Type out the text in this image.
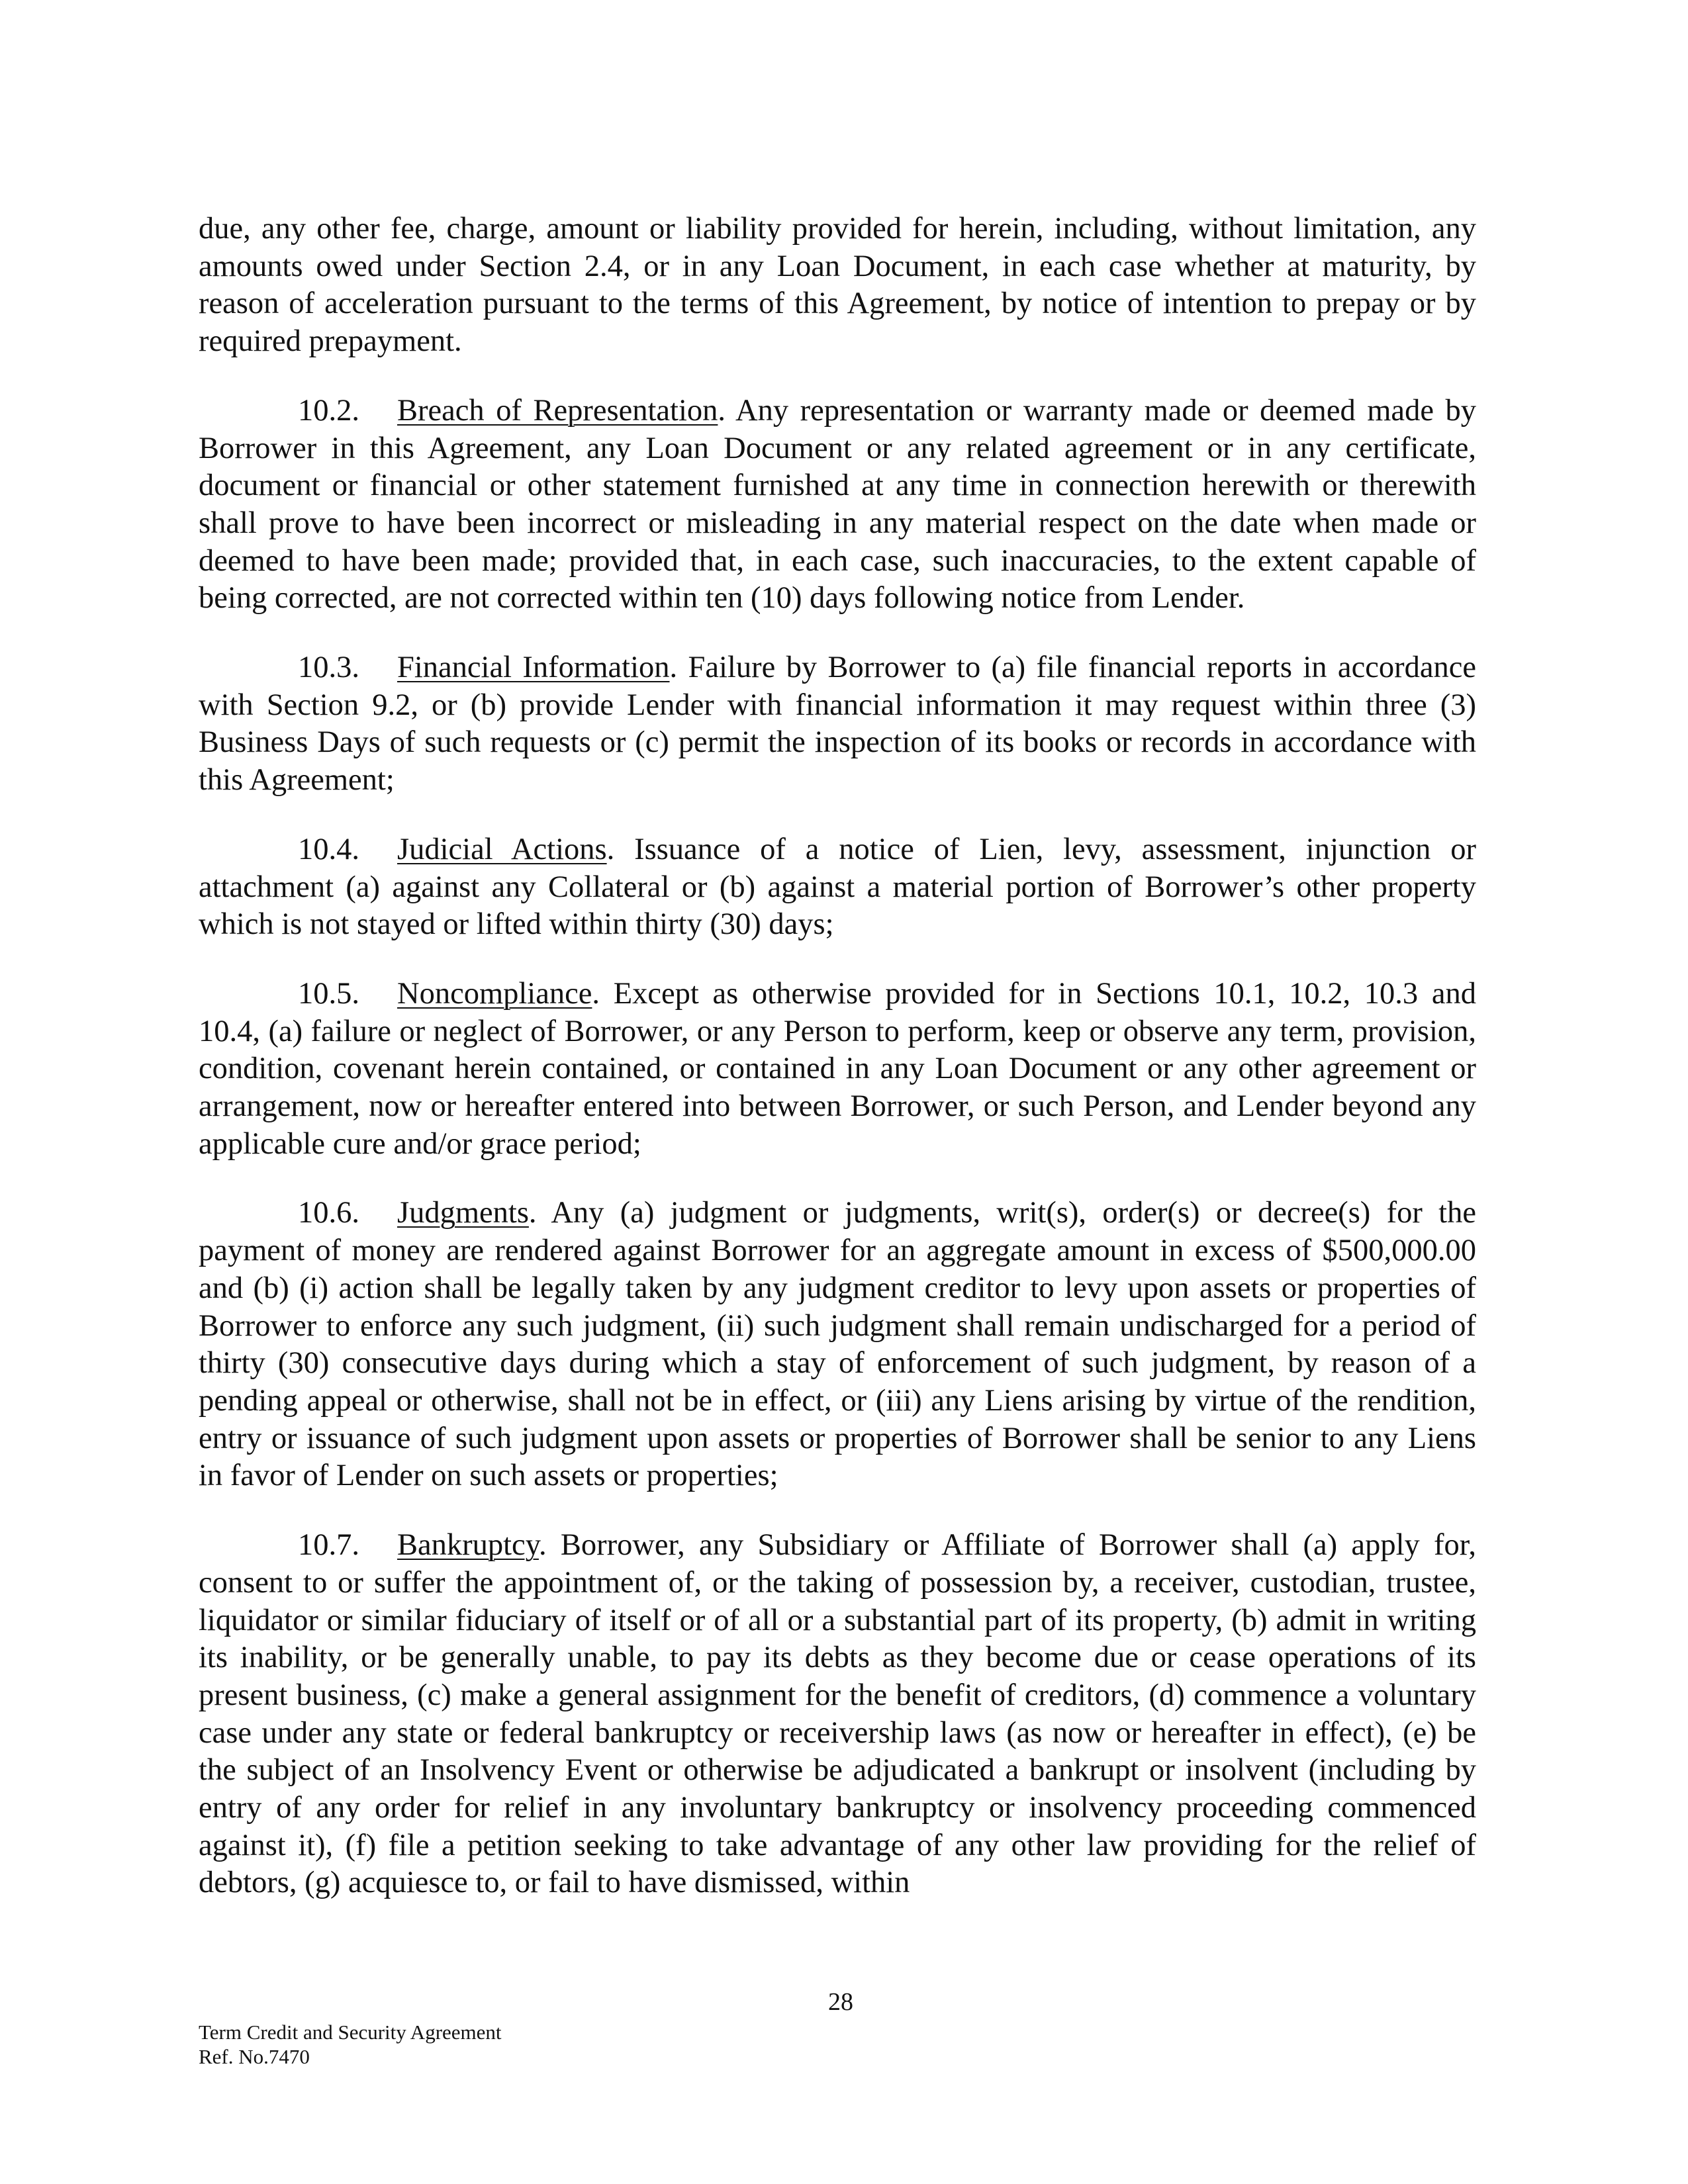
due, any other fee, charge, amount or liability provided for herein, including, without limitation, any amounts owed under Section 2.4, or in any Loan Document, in each case whether at maturity, by reason of acceleration pursuant to the terms of this Agreement, by notice of intention to prepay or by required prepayment.

10.2. Breach of Representation. Any representation or warranty made or deemed made by Borrower in this Agreement, any Loan Document or any related agreement or in any certificate, document or financial or other statement furnished at any time in connection herewith or therewith shall prove to have been incorrect or misleading in any material respect on the date when made or deemed to have been made; provided that, in each case, such inaccuracies, to the extent capable of being corrected, are not corrected within ten (10) days following notice from Lender.

10.3. Financial Information. Failure by Borrower to (a) file financial reports in accordance with Section 9.2, or (b) provide Lender with financial information it may request within three (3) Business Days of such requests or (c) permit the inspection of its books or records in accordance with this Agreement;

10.4. Judicial Actions. Issuance of a notice of Lien, levy, assessment, injunction or attachment (a) against any Collateral or (b) against a material portion of Borrower’s other property which is not stayed or lifted within thirty (30) days;

10.5. Noncompliance. Except as otherwise provided for in Sections 10.1, 10.2, 10.3 and 10.4, (a) failure or neglect of Borrower, or any Person to perform, keep or observe any term, provision, condition, covenant herein contained, or contained in any Loan Document or any other agreement or arrangement, now or hereafter entered into between Borrower, or such Person, and Lender beyond any applicable cure and/or grace period;

10.6. Judgments. Any (a) judgment or judgments, writ(s), order(s) or decree(s) for the payment of money are rendered against Borrower for an aggregate amount in excess of $500,000.00 and (b) (i) action shall be legally taken by any judgment creditor to levy upon assets or properties of Borrower to enforce any such judgment, (ii) such judgment shall remain undischarged for a period of thirty (30) consecutive days during which a stay of enforcement of such judgment, by reason of a pending appeal or otherwise, shall not be in effect, or (iii) any Liens arising by virtue of the rendition, entry or issuance of such judgment upon assets or properties of Borrower shall be senior to any Liens in favor of Lender on such assets or properties;

10.7. Bankruptcy. Borrower, any Subsidiary or Affiliate of Borrower shall (a) apply for, consent to or suffer the appointment of, or the taking of possession by, a receiver, custodian, trustee, liquidator or similar fiduciary of itself or of all or a substantial part of its property, (b) admit in writing its inability, or be generally unable, to pay its debts as they become due or cease operations of its present business, (c) make a general assignment for the benefit of creditors, (d) commence a voluntary case under any state or federal bankruptcy or receivership laws (as now or hereafter in effect), (e) be the subject of an Insolvency Event or otherwise be adjudicated a bankrupt or insolvent (including by entry of any order for relief in any involuntary bankruptcy or insolvency proceeding commenced against it), (f) file a petition seeking to take advantage of any other law providing for the relief of debtors, (g) acquiesce to, or fail to have dismissed, within

28
Term Credit and Security Agreement
Ref. No.7470
